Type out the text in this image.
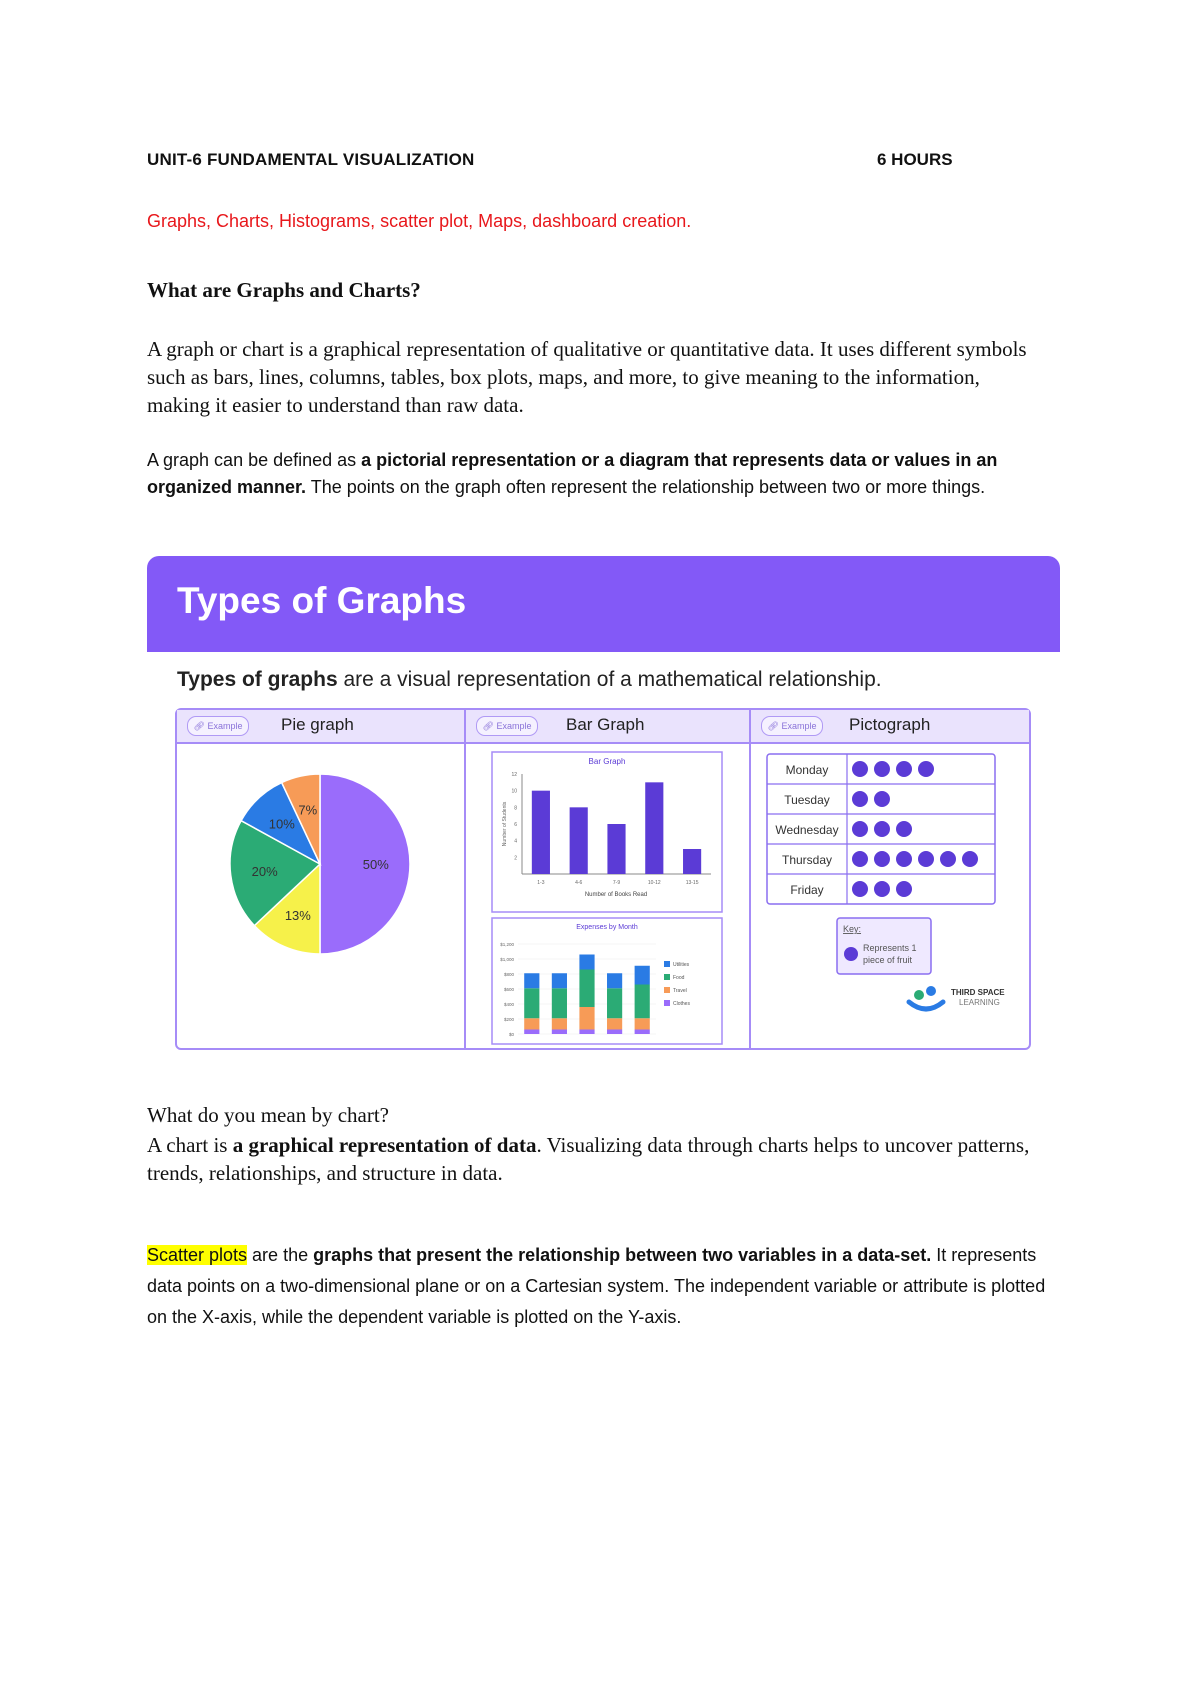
UNIT-6 FUNDAMENTAL VISUALIZATION	6 HOURS
Graphs, Charts, Histograms, scatter plot, Maps, dashboard creation.
What are Graphs and Charts?
A graph or chart is a graphical representation of qualitative or quantitative data. It uses different symbols such as bars, lines, columns, tables, box plots, maps, and more, to give meaning to the information, making it easier to understand than raw data.
A graph can be defined as a pictorial representation or a diagram that represents data or values in an organized manner. The points on the graph often represent the relationship between two or more things.
Types of Graphs
Types of graphs are a visual representation of a mathematical relationship.
🔗︎ Example	Pie graph
50%
13%
20%
10%
7%
🔗︎ Example	Bar Graph
Bar Graph
2
4
6
8
10
12
1-3	4-6	7-9	10-12	13-15
Number of Books Read
Number of Students
Expenses by Month
$0
$200
$400
$600
$800
$1,000
$1,200
Utilities
Food
Travel
Clothes
🔗︎ Example	Pictograph
Monday
Tuesday
Wednesday
Thursday
Friday
Key:
Represents 1
piece of fruit
THIRD SPACE
LEARNING
What do you mean by chart?
A chart is a graphical representation of data. Visualizing data through charts helps to uncover patterns, trends, relationships, and structure in data.
Scatter plots are the graphs that present the relationship between two variables in a data-set. It represents data points on a two-dimensional plane or on a Cartesian system. The independent variable or attribute is plotted on the X-axis, while the dependent variable is plotted on the Y-axis.
